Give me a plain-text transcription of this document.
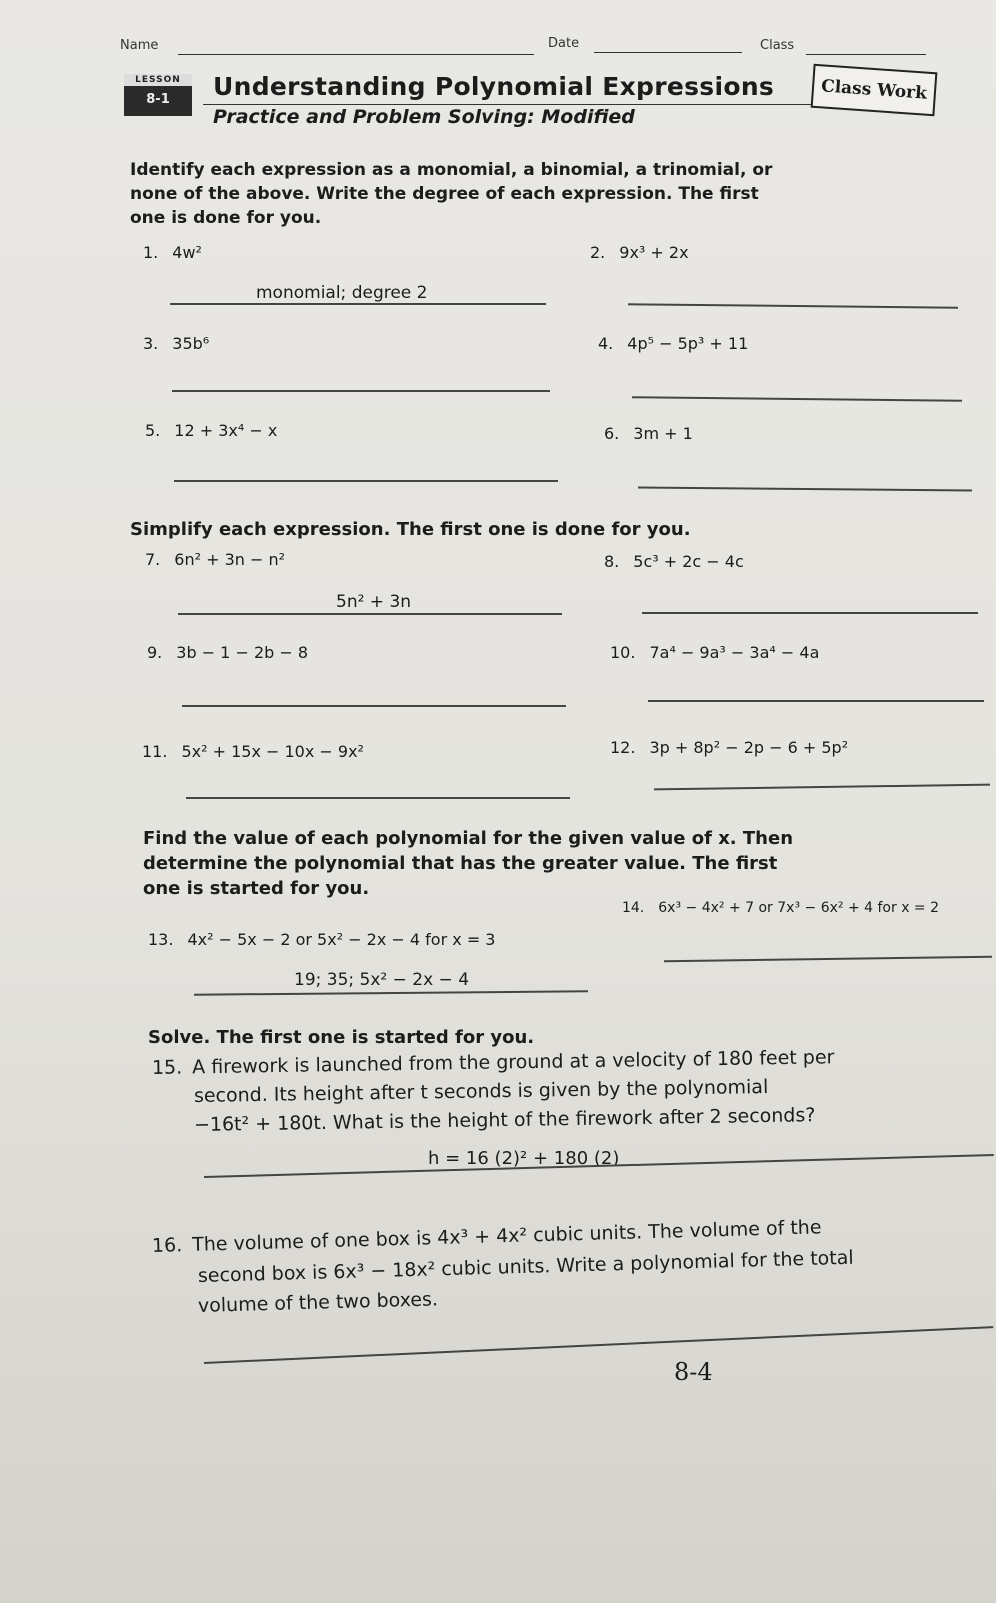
Name	Date	Class
LESSON
8-1	Understanding Polynomial Expressions
Practice and Problem Solving: Modified
Class Work
Identify each expression as a monomial, a binomial, a trinomial, or none of the above. Write the degree of each expression. The first one is done for you.
1. 4w²	2. 9x³ + 2x
monomial; degree 2
3. 35b⁶	4. 4p⁵ − 5p³ + 11
5. 12 + 3x⁴ − x	6. 3m + 1
Simplify each expression. The first one is done for you.
7. 6n² + 3n − n²	8. 5c³ + 2c − 4c
5n² + 3n
9. 3b − 1 − 2b − 8	10. 7a⁴ − 9a³ − 3a⁴ − 4a
11. 5x² + 15x − 10x − 9x²	12. 3p + 8p² − 2p − 6 + 5p²
Find the value of each polynomial for the given value of x. Then determine the polynomial that has the greater value. The first one is started for you.
13. 4x² − 5x − 2 or 5x² − 2x − 4 for x = 3
14. 6x³ − 4x² + 7 or 7x³ − 6x² + 4 for x = 2
19; 35; 5x² − 2x − 4
Solve. The first one is started for you.
15. A firework is launched from the ground at a velocity of 180 feet per
second. Its height after t seconds is given by the polynomial
−16t² + 180t. What is the height of the firework after 2 seconds?
h = 16 (2)² + 180 (2)
16. The volume of one box is 4x³ + 4x² cubic units. The volume of the
second box is 6x³ − 18x² cubic units. Write a polynomial for the total
volume of the two boxes.
8-4
